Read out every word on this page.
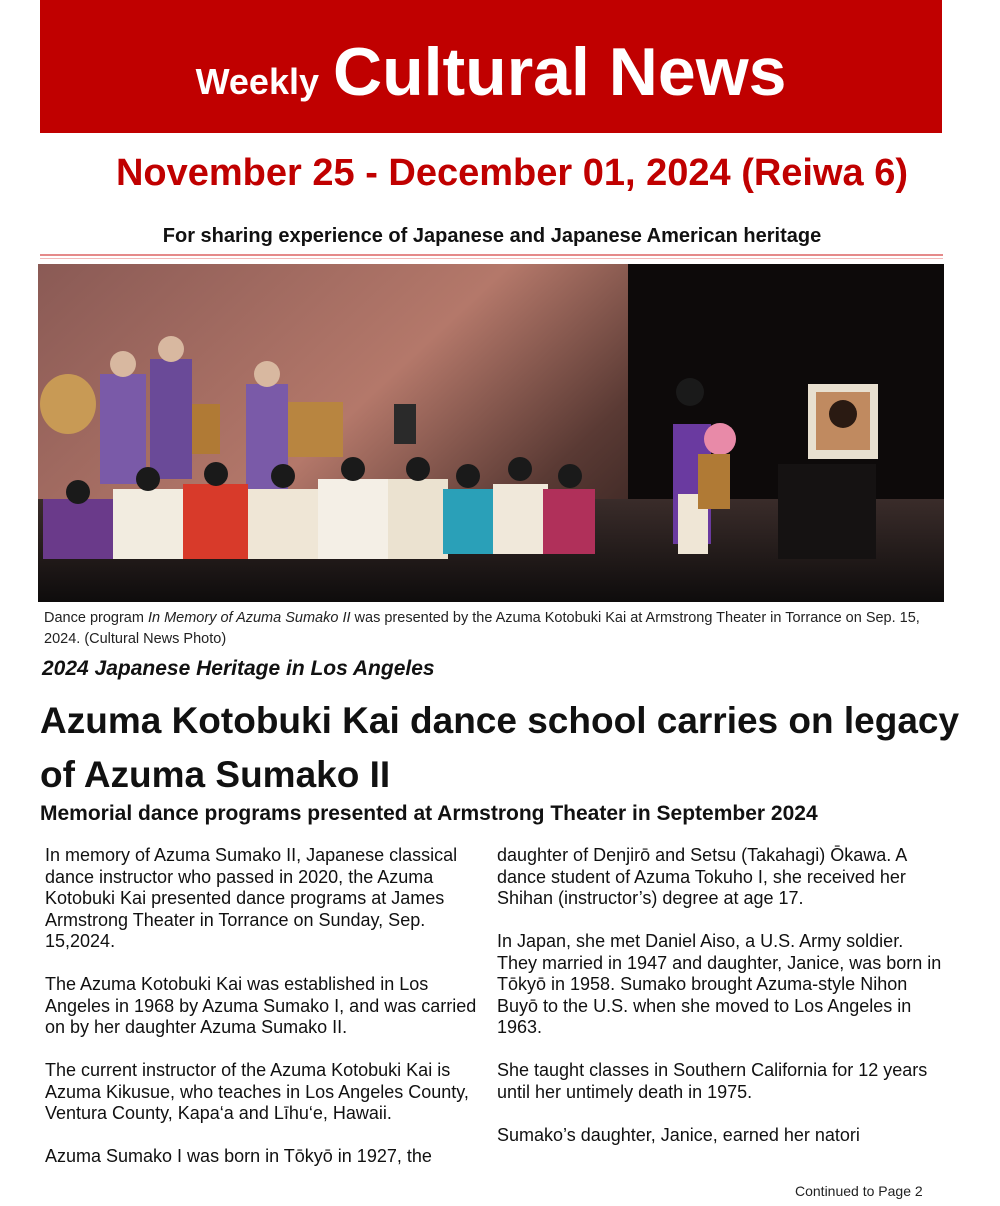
Weekly Cultural News
November 25 - December 01, 2024 (Reiwa 6)
For sharing experience of Japanese and Japanese American heritage
Dance program In Memory of Azuma Sumako II was presented by the Azuma Kotobuki Kai at Armstrong Theater in Torrance on Sep. 15, 2024. (Cultural News Photo)
2024 Japanese Heritage in Los Angeles
Azuma Kotobuki Kai dance school carries on legacy of Azuma Sumako II
Memorial dance programs presented at Armstrong Theater in September 2024

In memory of Azuma Sumako II, Japanese classical dance instructor who passed in 2020, the Azuma Kotobuki Kai presented dance programs at James Armstrong Theater in Torrance on Sunday, Sep. 15,2024.

The Azuma Kotobuki Kai was established in Los Angeles in 1968 by Azuma Sumako I, and was carried on by her daughter Azuma Sumako II.

The current instructor of the Azuma Kotobuki Kai is Azuma Kikusue, who teaches in Los Angeles County, Ventura County, Kapa‘a and Līhu‘e, Hawaii.

Azuma Sumako I was born in Tōkyō in 1927, the

daughter of Denjirō and Setsu (Takahagi) Ōkawa. A dance student of Azuma Tokuho I, she received her Shihan (instructor’s) degree at age 17.

In Japan, she met Daniel Aiso, a U.S. Army soldier. They married in 1947 and daughter, Janice, was born in Tōkyō in 1958. Sumako brought Azuma-style Nihon Buyō to the U.S. when she moved to Los Angeles in 1963.

She taught classes in Southern California for 12 years until her untimely death in 1975.

Sumako’s daughter, Janice, earned her natori

Continued to Page 2
